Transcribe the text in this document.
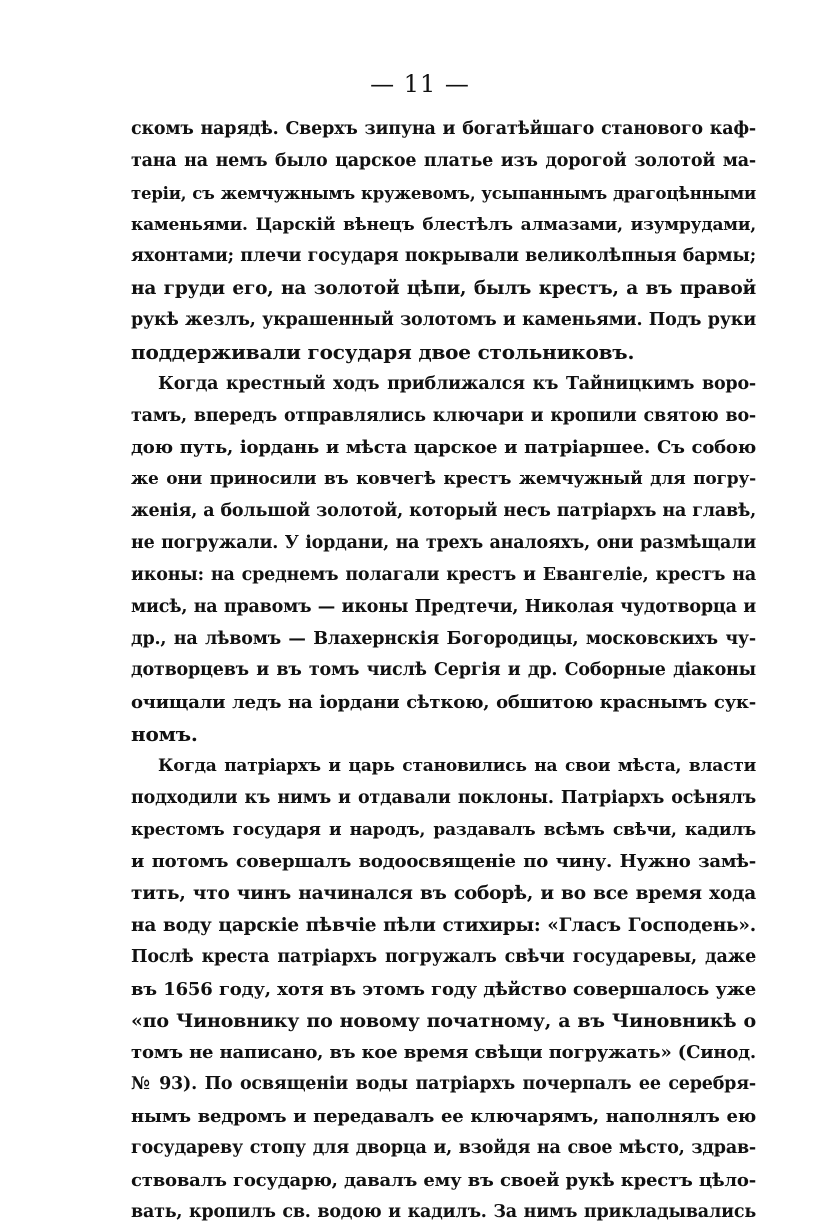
— 11 —
скомъ нарядѣ. Сверхъ зипуна и богатѣйшаго станового каф-
тана на немъ было царское платье изъ дорогой золотой ма-
теріи, съ жемчужнымъ кружевомъ, усыпаннымъ драгоцѣнными
каменьями. Царскій вѣнецъ блестѣлъ алмазами, изумрудами,
яхонтами; плечи государя покрывали великолѣпныя бармы;
на груди его, на золотой цѣпи, былъ крестъ, а въ правой
рукѣ жезлъ, украшенный золотомъ и каменьями. Подъ руки
поддерживали государя двое стольниковъ.
Когда крестный ходъ приближался къ Тайницкимъ воро-
тамъ, впередъ отправлялись ключари и кропили святою во-
дою путь, іордань и мѣста царское и патріаршее. Съ собою
же они приносили въ ковчегѣ крестъ жемчужный для погру-
женія, а большой золотой, который несъ патріархъ на главѣ,
не погружали. У іордани, на трехъ аналояхъ, они размѣщали
иконы: на среднемъ полагали крестъ и Евангеліе, крестъ на
мисѣ, на правомъ — иконы Предтечи, Николая чудотворца и
др., на лѣвомъ — Влахернскія Богородицы, московскихъ чу-
дотворцевъ и въ томъ числѣ Сергія и др. Соборные діаконы
очищали ледъ на іордани сѣткою, обшитою краснымъ сук-
номъ.
Когда патріархъ и царь становились на свои мѣста, власти
подходили къ нимъ и отдавали поклоны. Патріархъ осѣнялъ
крестомъ государя и народъ, раздавалъ всѣмъ свѣчи, кадилъ
и потомъ совершалъ водоосвященіе по чину. Нужно замѣ-
тить, что чинъ начинался въ соборѣ, и во все время хода
на воду царскіе пѣвчіе пѣли стихиры: «Гласъ Господень».
Послѣ креста патріархъ погружалъ свѣчи государевы, даже
въ 1656 году, хотя въ этомъ году дѣйство совершалось уже
«по Чиновнику по новому початному, а въ Чиновникѣ о
томъ не написано, въ кое время свѣщи погружать» (Синод.
№ 93). По освященіи воды патріархъ почерпалъ ее серебря-
нымъ ведромъ и передавалъ ее ключарямъ, наполнялъ ею
государеву стопу для дворца и, взойдя на свое мѣсто, здрав-
ствовалъ государю, давалъ ему въ своей рукѣ крестъ цѣло-
вать, кропилъ св. водою и кадилъ. За нимъ прикладывались
